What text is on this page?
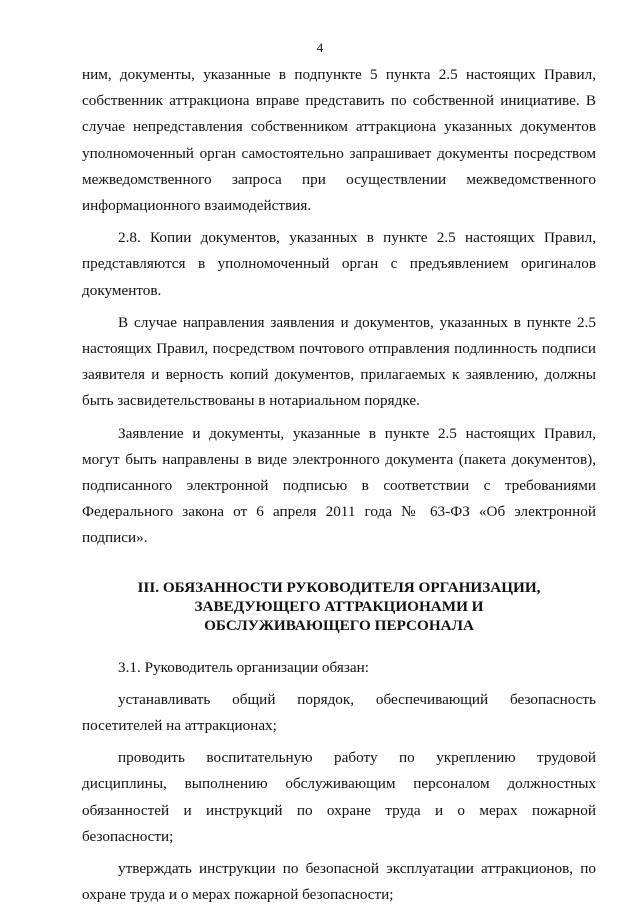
4

ним, документы, указанные в подпункте 5 пункта 2.5 настоящих Правил, собственник аттракциона вправе представить по собственной инициативе. В случае непредставления собственником аттракциона указанных документов уполномоченный орган самостоятельно запрашивает документы посредством межведомственного запроса при осуществлении межведомственного информационного взаимодействия.

2.8. Копии документов, указанных в пункте 2.5 настоящих Правил, представляются в уполномоченный орган с предъявлением оригиналов документов.

В случае направления заявления и документов, указанных в пункте 2.5 настоящих Правил, посредством почтового отправления подлинность подписи заявителя и верность копий документов, прилагаемых к заявлению, должны быть засвидетельствованы в нотариальном порядке.

Заявление и документы, указанные в пункте 2.5 настоящих Правил, могут быть направлены в виде электронного документа (пакета документов), подписанного электронной подписью в соответствии с требованиями Федерального закона от 6 апреля 2011 года № 63-ФЗ «Об электронной подписи».

III. ОБЯЗАННОСТИ РУКОВОДИТЕЛЯ ОРГАНИЗАЦИИ,
ЗАВЕДУЮЩЕГО АТТРАКЦИОНАМИ И
ОБСЛУЖИВАЮЩЕГО ПЕРСОНАЛА

3.1. Руководитель организации обязан:

устанавливать общий порядок, обеспечивающий безопасность посетителей на аттракционах;

проводить воспитательную работу по укреплению трудовой дисциплины, выполнению обслуживающим персоналом должностных обязанностей и инструкций по охране труда и о мерах пожарной безопасности;

утверждать инструкции по безопасной эксплуатации аттракционов, по охране труда и о мерах пожарной безопасности;
